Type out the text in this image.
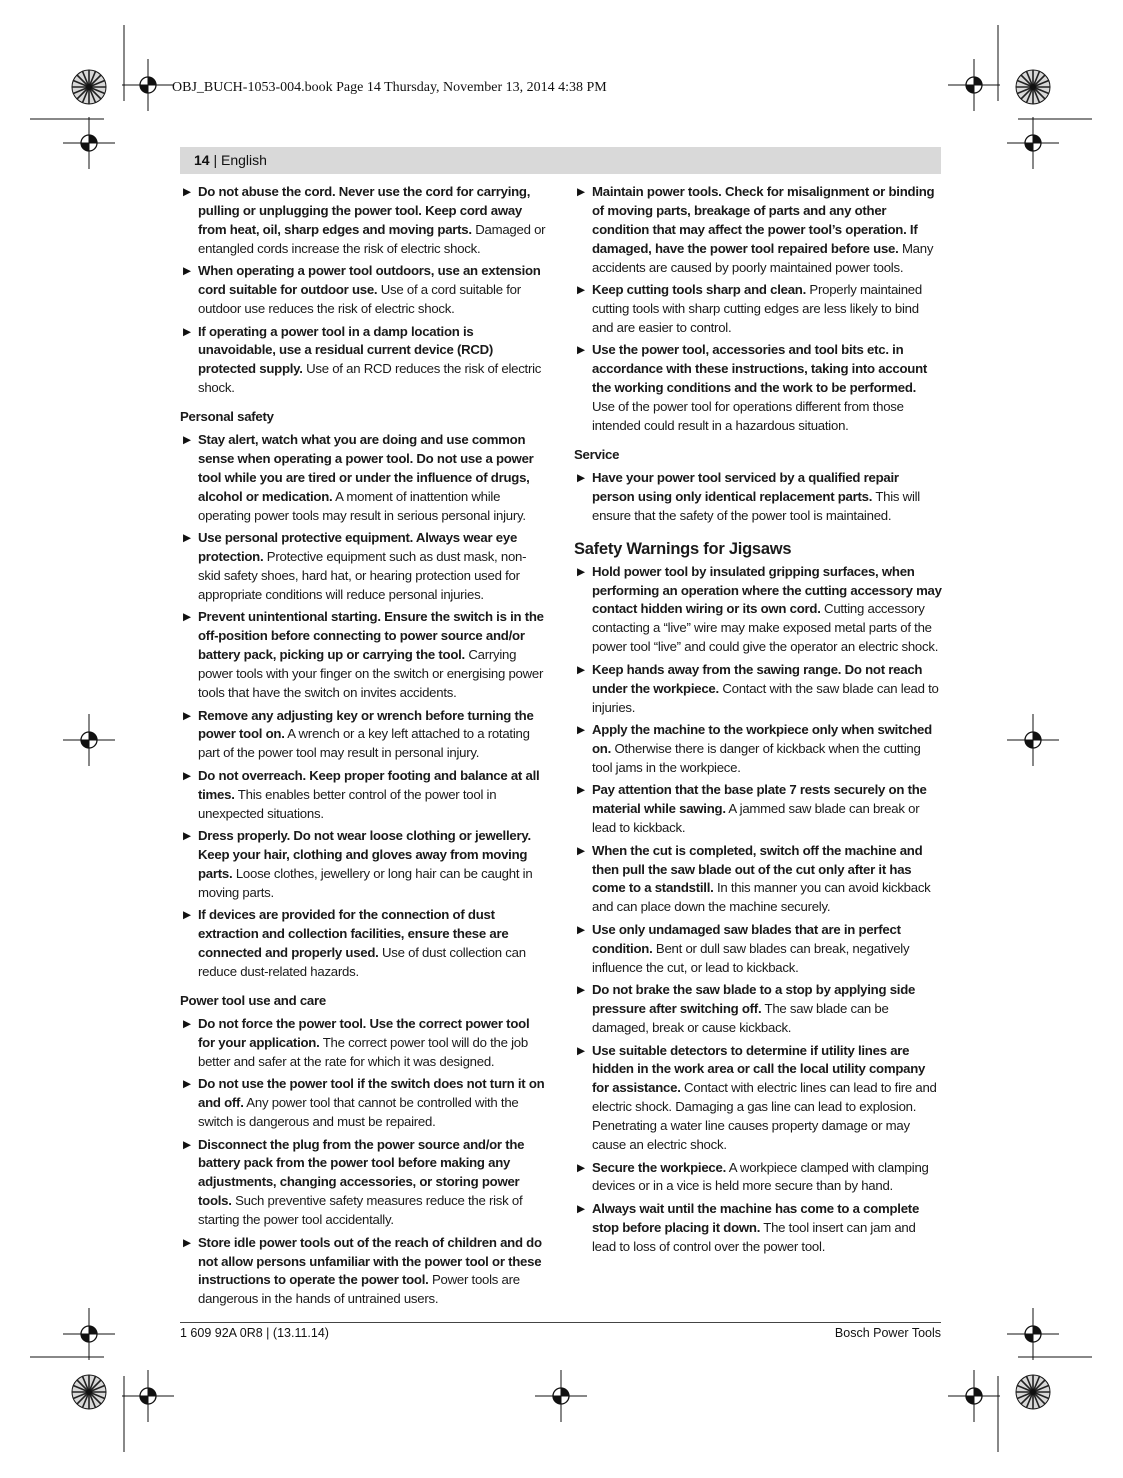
OBJ_BUCH-1053-004.book Page 14 Thursday, November 13, 2014 4:38 PM
14 | English
▶ Do not abuse the cord. Never use the cord for carrying, pulling or unplugging the power tool. Keep cord away from heat, oil, sharp edges and moving parts. Damaged or entangled cords increase the risk of electric shock.
▶ When operating a power tool outdoors, use an extension cord suitable for outdoor use. Use of a cord suitable for outdoor use reduces the risk of electric shock.
▶ If operating a power tool in a damp location is unavoidable, use a residual current device (RCD) protected supply. Use of an RCD reduces the risk of electric shock.
Personal safety
▶ Stay alert, watch what you are doing and use common sense when operating a power tool. Do not use a power tool while you are tired or under the influence of drugs, alcohol or medication. A moment of inattention while operating power tools may result in serious personal injury.
▶ Use personal protective equipment. Always wear eye protection. Protective equipment such as dust mask, non-skid safety shoes, hard hat, or hearing protection used for appropriate conditions will reduce personal injuries.
▶ Prevent unintentional starting. Ensure the switch is in the off-position before connecting to power source and/or battery pack, picking up or carrying the tool. Carrying power tools with your finger on the switch or energising power tools that have the switch on invites accidents.
▶ Remove any adjusting key or wrench before turning the power tool on. A wrench or a key left attached to a rotating part of the power tool may result in personal injury.
▶ Do not overreach. Keep proper footing and balance at all times. This enables better control of the power tool in unexpected situations.
▶ Dress properly. Do not wear loose clothing or jewellery. Keep your hair, clothing and gloves away from moving parts. Loose clothes, jewellery or long hair can be caught in moving parts.
▶ If devices are provided for the connection of dust extraction and collection facilities, ensure these are connected and properly used. Use of dust collection can reduce dust-related hazards.
Power tool use and care
▶ Do not force the power tool. Use the correct power tool for your application. The correct power tool will do the job better and safer at the rate for which it was designed.
▶ Do not use the power tool if the switch does not turn it on and off. Any power tool that cannot be controlled with the switch is dangerous and must be repaired.
▶ Disconnect the plug from the power source and/or the battery pack from the power tool before making any adjustments, changing accessories, or storing power tools. Such preventive safety measures reduce the risk of starting the power tool accidentally.
▶ Store idle power tools out of the reach of children and do not allow persons unfamiliar with the power tool or these instructions to operate the power tool. Power tools are dangerous in the hands of untrained users.
▶ Maintain power tools. Check for misalignment or binding of moving parts, breakage of parts and any other condition that may affect the power tool’s operation. If damaged, have the power tool repaired before use. Many accidents are caused by poorly maintained power tools.
▶ Keep cutting tools sharp and clean. Properly maintained cutting tools with sharp cutting edges are less likely to bind and are easier to control.
▶ Use the power tool, accessories and tool bits etc. in accordance with these instructions, taking into account the working conditions and the work to be performed. Use of the power tool for operations different from those intended could result in a hazardous situation.
Service
▶ Have your power tool serviced by a qualified repair person using only identical replacement parts. This will ensure that the safety of the power tool is maintained.
Safety Warnings for Jigsaws
▶ Hold power tool by insulated gripping surfaces, when performing an operation where the cutting accessory may contact hidden wiring or its own cord. Cutting accessory contacting a “live” wire may make exposed metal parts of the power tool “live” and could give the operator an electric shock.
▶ Keep hands away from the sawing range. Do not reach under the workpiece. Contact with the saw blade can lead to injuries.
▶ Apply the machine to the workpiece only when switched on. Otherwise there is danger of kickback when the cutting tool jams in the workpiece.
▶ Pay attention that the base plate 7 rests securely on the material while sawing. A jammed saw blade can break or lead to kickback.
▶ When the cut is completed, switch off the machine and then pull the saw blade out of the cut only after it has come to a standstill. In this manner you can avoid kickback and can place down the machine securely.
▶ Use only undamaged saw blades that are in perfect condition. Bent or dull saw blades can break, negatively influence the cut, or lead to kickback.
▶ Do not brake the saw blade to a stop by applying side pressure after switching off. The saw blade can be damaged, break or cause kickback.
▶ Use suitable detectors to determine if utility lines are hidden in the work area or call the local utility company for assistance. Contact with electric lines can lead to fire and electric shock. Damaging a gas line can lead to explosion. Penetrating a water line causes property damage or may cause an electric shock.
▶ Secure the workpiece. A workpiece clamped with clamping devices or in a vice is held more secure than by hand.
▶ Always wait until the machine has come to a complete stop before placing it down. The tool insert can jam and lead to loss of control over the power tool.
1 609 92A 0R8 | (13.11.14)	Bosch Power Tools
